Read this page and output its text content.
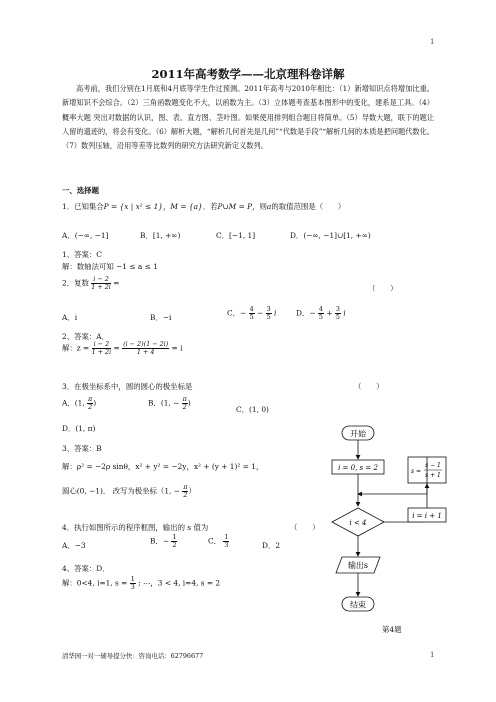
1
2011年高考数学——北京理科卷详解
高考前，我们分别在1月底和4月底等学生作过预测。2011年高考与2010年相比：（1）新增知识点将增加比重。新增知识不会综合。（2）三角函数题变化不大，以函数为主。（3）立体题考查基本图形中的变化，建系是工具。（4）概率大题 突出对数据的认识，图、表、直方图、茎叶图。如果使用排列组合题目将简单。（5）导数大题，联下的题让人留的遗迹的，将会有变化。（6）解析大题，“解析几何首先是几何”“代数是手段”“解析几何的本质是把问题代数化。（7）数列压轴，沿用等差等比数列的研究方法研究新定义数列。
一、选择题
1．已知集合P = {x | x² ≤ 1}，M = {a}．若P∪M = P，则a的取值范围是（　　）
A．(−∞, −1]	B．[1, +∞)	C．[−1, 1]	D．(−∞, −1]∪[1, +∞)
1、答案：C
解：数轴法可知 −1 ≤ a ≤ 1
2．复数 $\frac{i - 2}{1 + 2i}$ =
（　　）
A．i	B．−i	C．− $\frac{4}{5} - \frac{3}{5}$ i	D．− $\frac{4}{5} + \frac{3}{5}$ i
2、答案：A．
解：$z = \frac{i - 2}{1 + 2i} = \frac{(i - 2)(1 - 2i)}{1 + 4} = i$
3．在极坐标系中，圆的圆心的极坐标是	（　　）
A．(1, $\frac{\pi}{2}$ )	B．(1, − $\frac{\pi}{2}$ )
C．(1, 0)
D．(1, π)
3、答案：B
解：ρ² = −2ρ sinθ，x² + y² = −2y，x² + (y + 1)² = 1，
圆心(0, −1)． 改写为极坐标（1, − $\frac{\pi}{2}$ ）
4．执行如图所示的程序框图，输出的 s 值为	（　　）
A．−3	B．− $\frac{1}{2}$	C． $\frac{1}{3}$	D．2
4、答案：D．
解：0<4, i=1, $s = \frac{1}{3}$ ; ⋯，3 < 4, i=4, s = 2
开始
i = 0, s = 2
i < 4
i = i + 1
s =
s − 1
s + 1
输出s
结束
第4题
清华园一对一辅导提分快：咨询电话：62796677	1
